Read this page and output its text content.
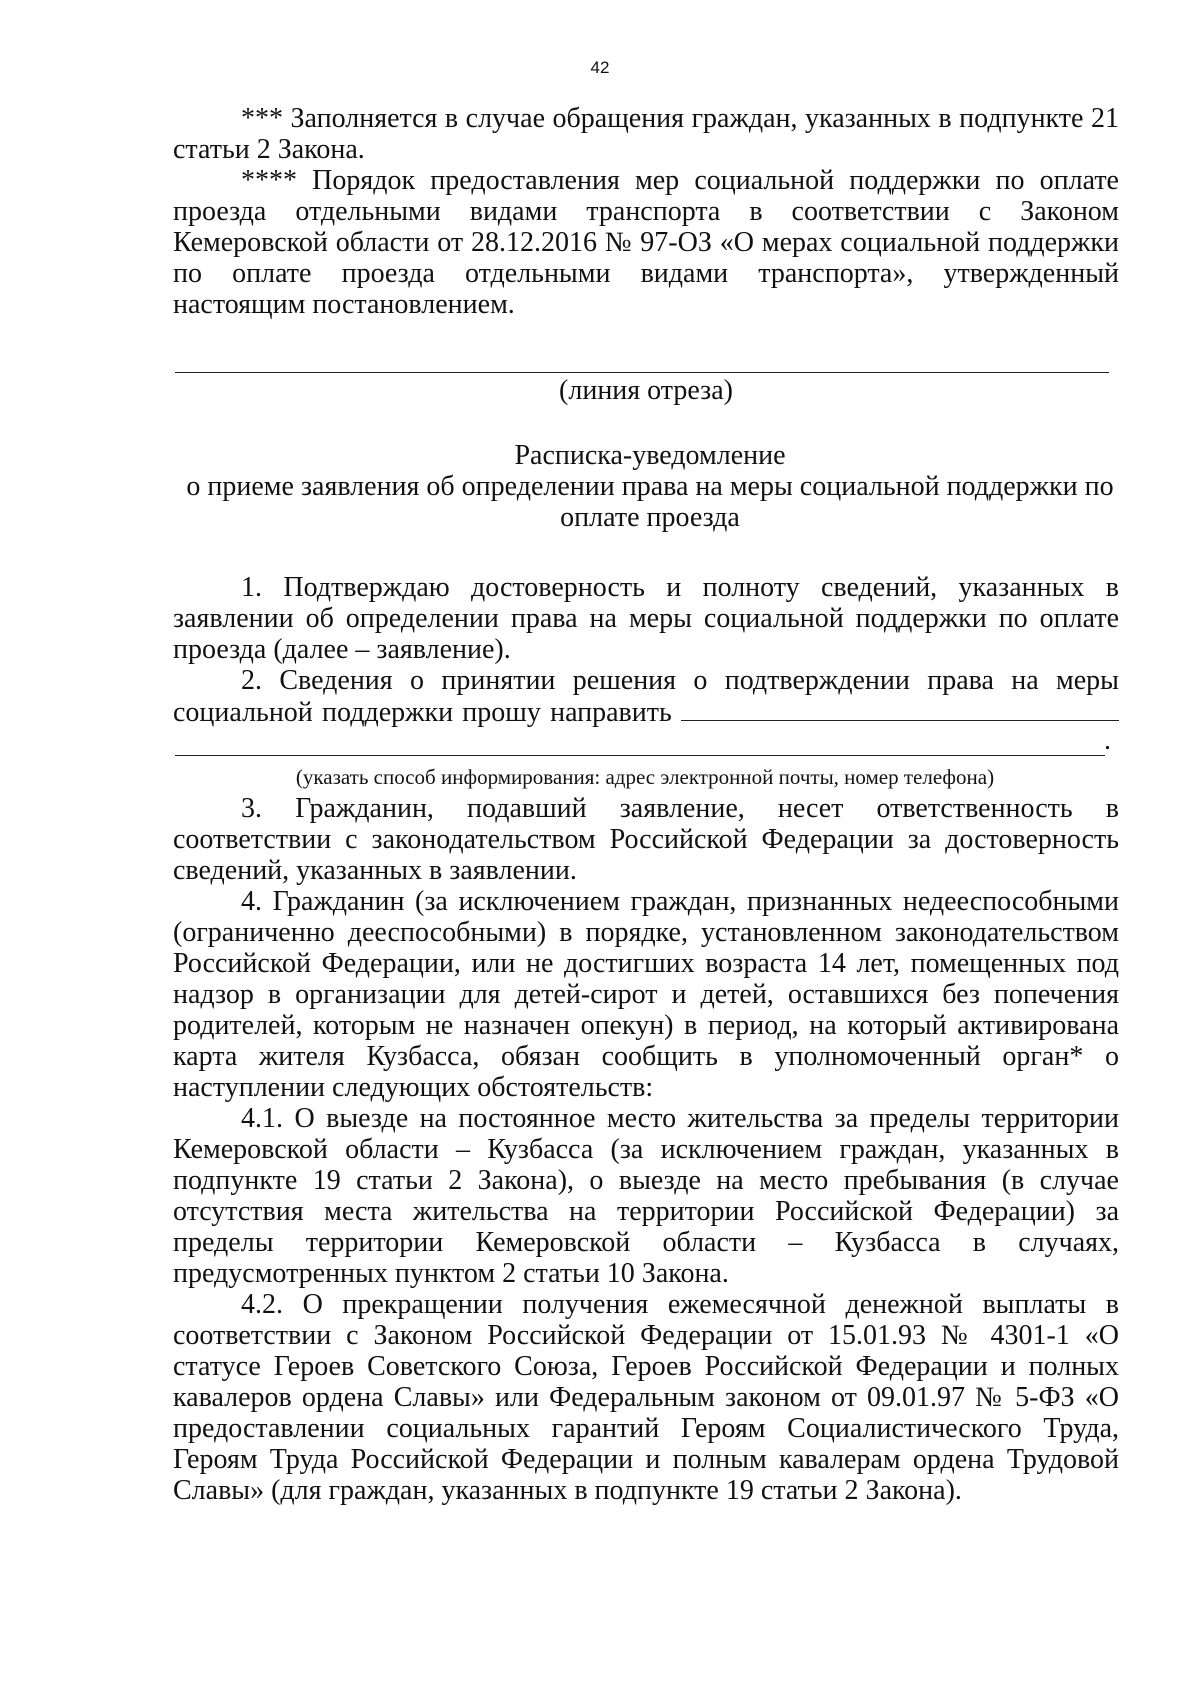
42

*** Заполняется в случае обращения граждан, указанных в подпункте 21 статьи 2 Закона.

**** Порядок предоставления мер социальной поддержки по оплате проезда отдельными видами транспорта в соответствии с Законом Кемеровской области от 28.12.2016 № 97-ОЗ «О мерах социальной поддержки по оплате проезда отдельными видами транспорта», утвержденный настоящим постановлением.

(линия отреза)

Расписка-уведомление

о приеме заявления об определении права на меры социальной поддержки по

оплате проезда

1. Подтверждаю достоверность и полноту сведений, указанных в заявлении об определении права на меры социальной поддержки по оплате проезда (далее – заявление).

2. Сведения о принятии решения о подтверждении права на меры социальной поддержки прошу направить

.
(указать способ информирования: адрес электронной почты, номер телефона)

3. Гражданин, подавший заявление, несет ответственность в соответствии с законодательством Российской Федерации за достоверность сведений, указанных в заявлении.

4. Гражданин (за исключением граждан, признанных недееспособными (ограниченно дееспособными) в порядке, установленном законодательством Российской Федерации, или не достигших возраста 14 лет, помещенных под надзор в организации для детей-сирот и детей, оставшихся без попечения родителей, которым не назначен опекун) в период, на который активирована карта жителя Кузбасса, обязан сообщить в уполномоченный орган* о наступлении следующих обстоятельств:

4.1. О выезде на постоянное место жительства за пределы территории Кемеровской области – Кузбасса (за исключением граждан, указанных в подпункте 19 статьи 2 Закона), о выезде на место пребывания (в случае отсутствия места жительства на территории Российской Федерации) за пределы территории Кемеровской области – Кузбасса в случаях, предусмотренных пунктом 2 статьи 10 Закона.

4.2. О прекращении получения ежемесячной денежной выплаты в соответствии с Законом Российской Федерации от 15.01.93 № 4301-1 «О статусе Героев Советского Союза, Героев Российской Федерации и полных кавалеров ордена Славы» или Федеральным законом от 09.01.97 № 5-ФЗ «О предоставлении социальных гарантий Героям Социалистического Труда, Героям Труда Российской Федерации и полным кавалерам ордена Трудовой Славы» (для граждан, указанных в подпункте 19 статьи 2 Закона).
